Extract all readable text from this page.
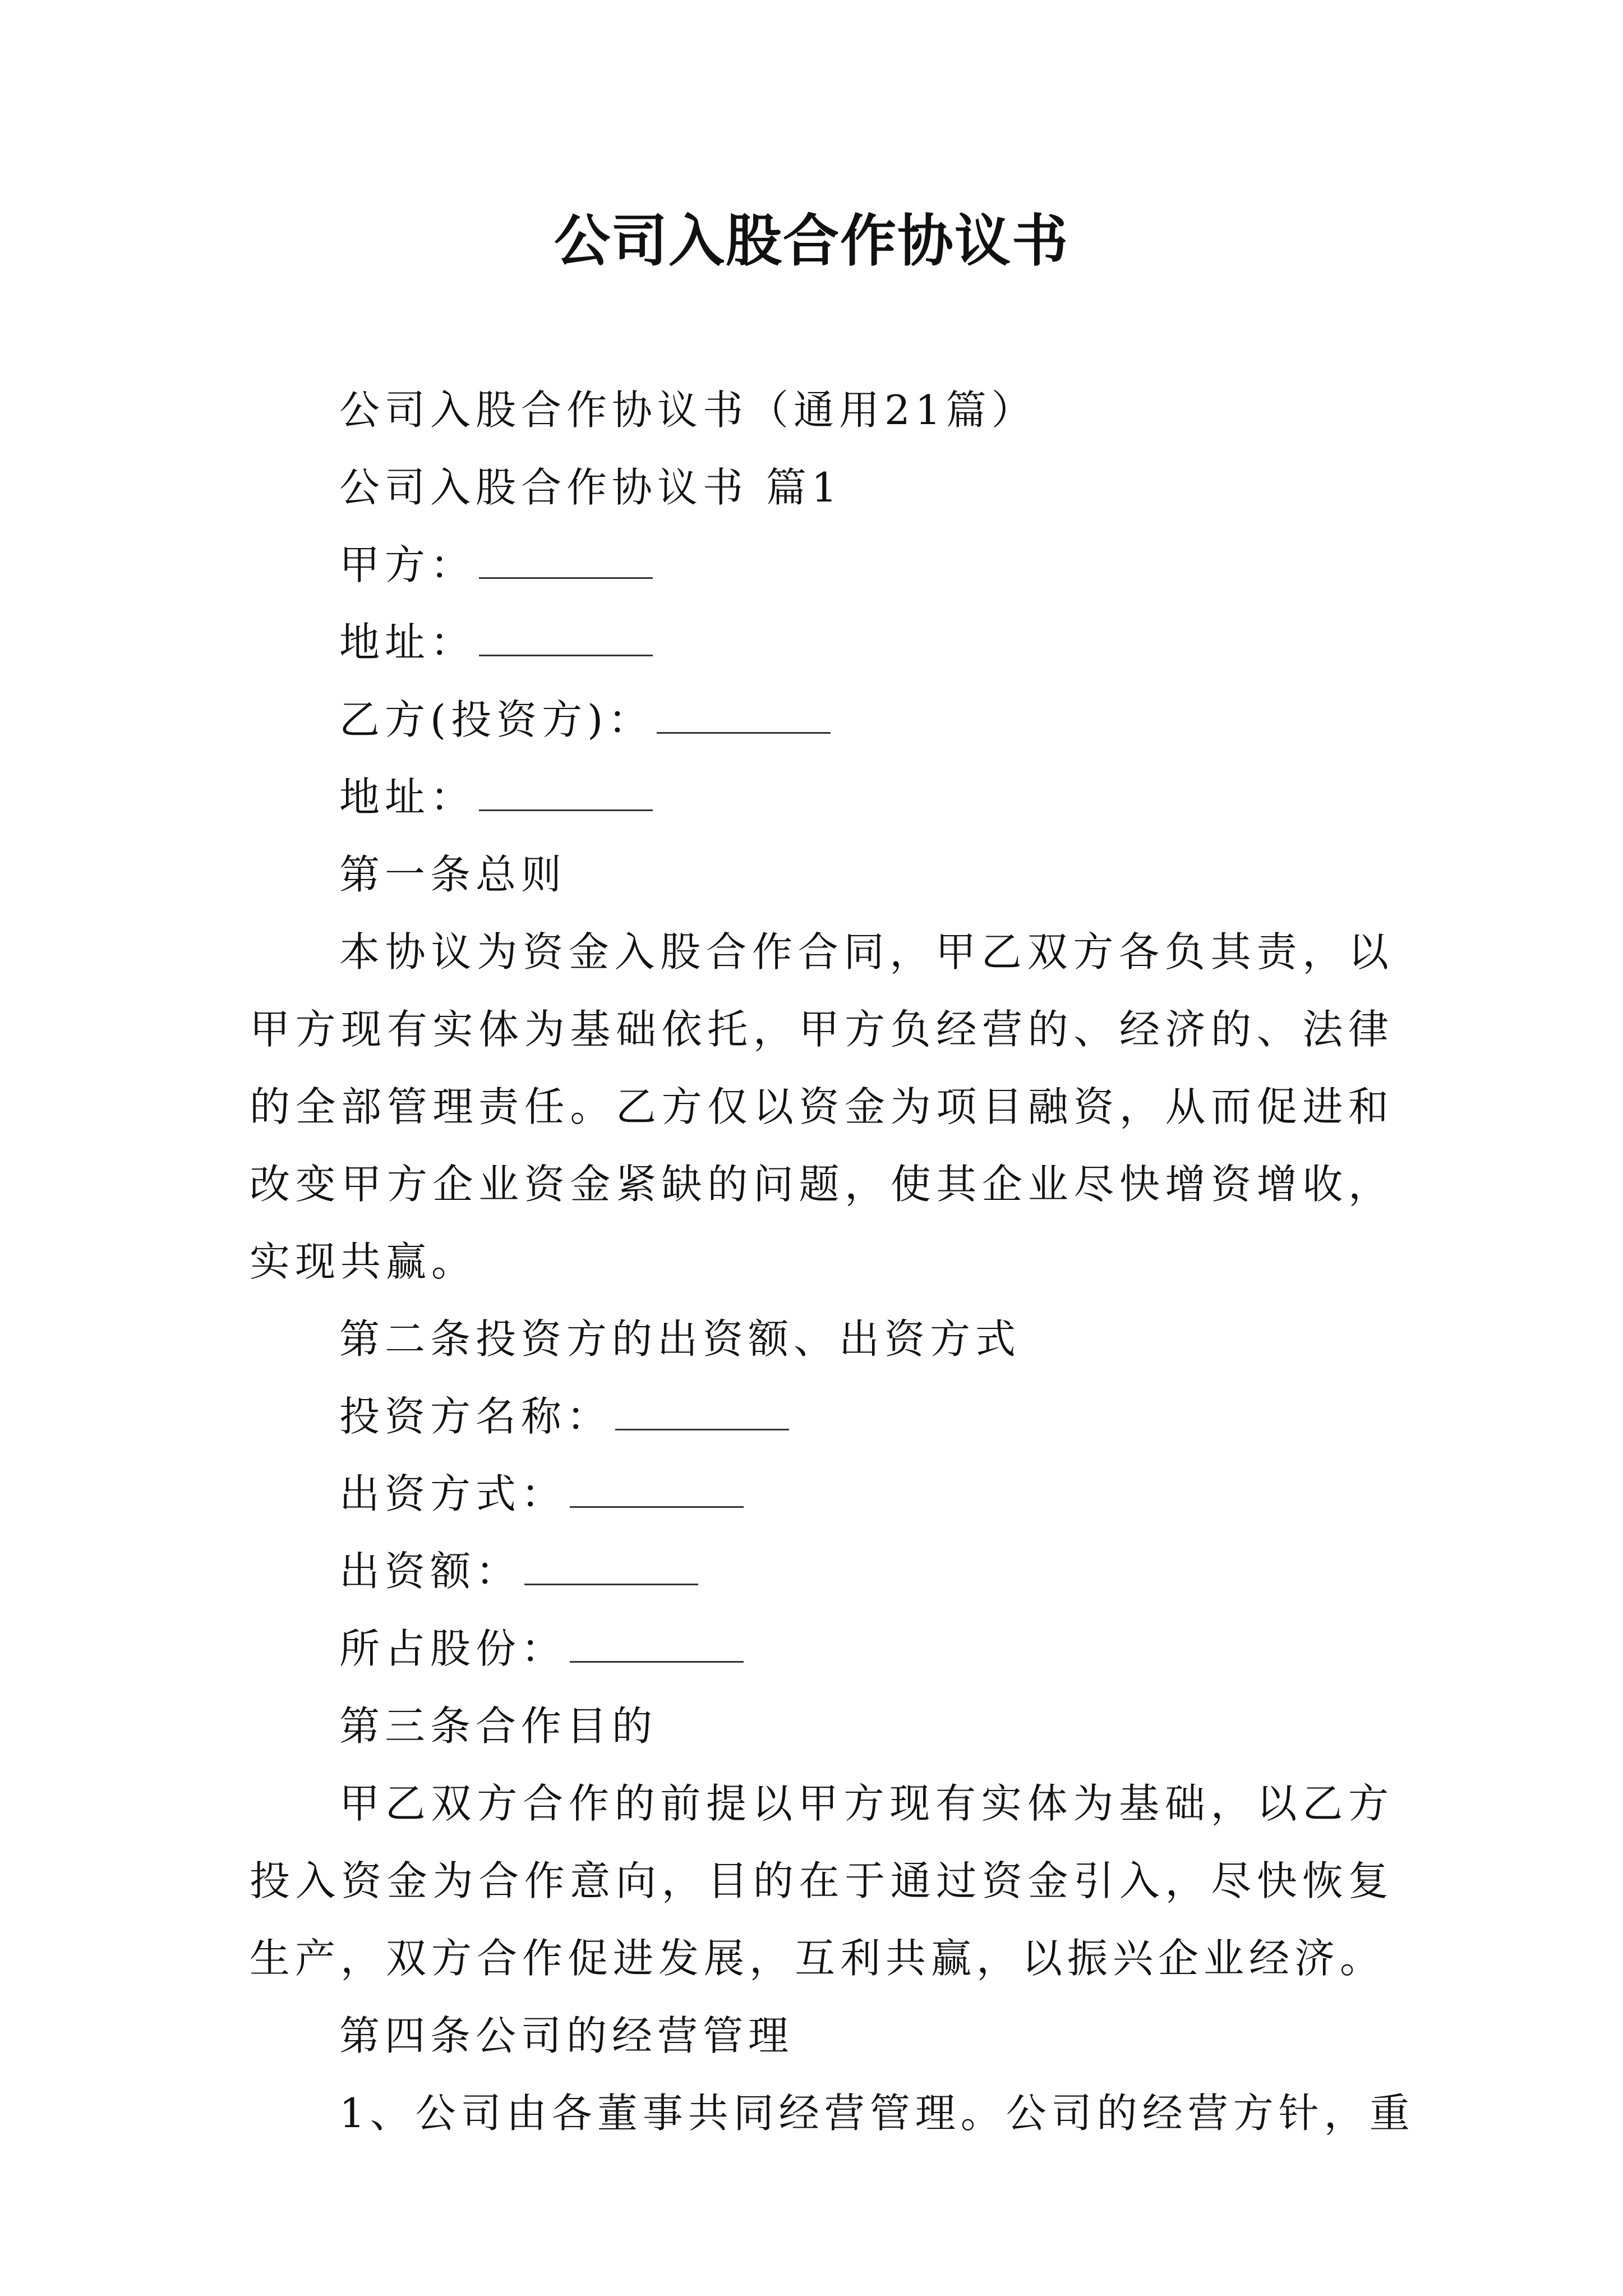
公司入股合作协议书

公司入股合作协议书（通用21篇）

公司入股合作协议书 篇1

甲方：

地址：

乙方(投资方)：

地址：

第一条总则

本协议为资金入股合作合同，甲乙双方各负其责，以甲方现有实体为基础依托，甲方负经营的、经济的、法律的全部管理责任。乙方仅以资金为项目融资，从而促进和改变甲方企业资金紧缺的问题，使其企业尽快增资增收，实现共赢。

第二条投资方的出资额、出资方式

投资方名称：

出资方式：

出资额：

所占股份：

第三条合作目的

甲乙双方合作的前提以甲方现有实体为基础，以乙方投入资金为合作意向，目的在于通过资金引入，尽快恢复生产，双方合作促进发展，互利共赢，以振兴企业经济。

第四条公司的经营管理

1、公司由各董事共同经营管理。公司的经营方针，重
